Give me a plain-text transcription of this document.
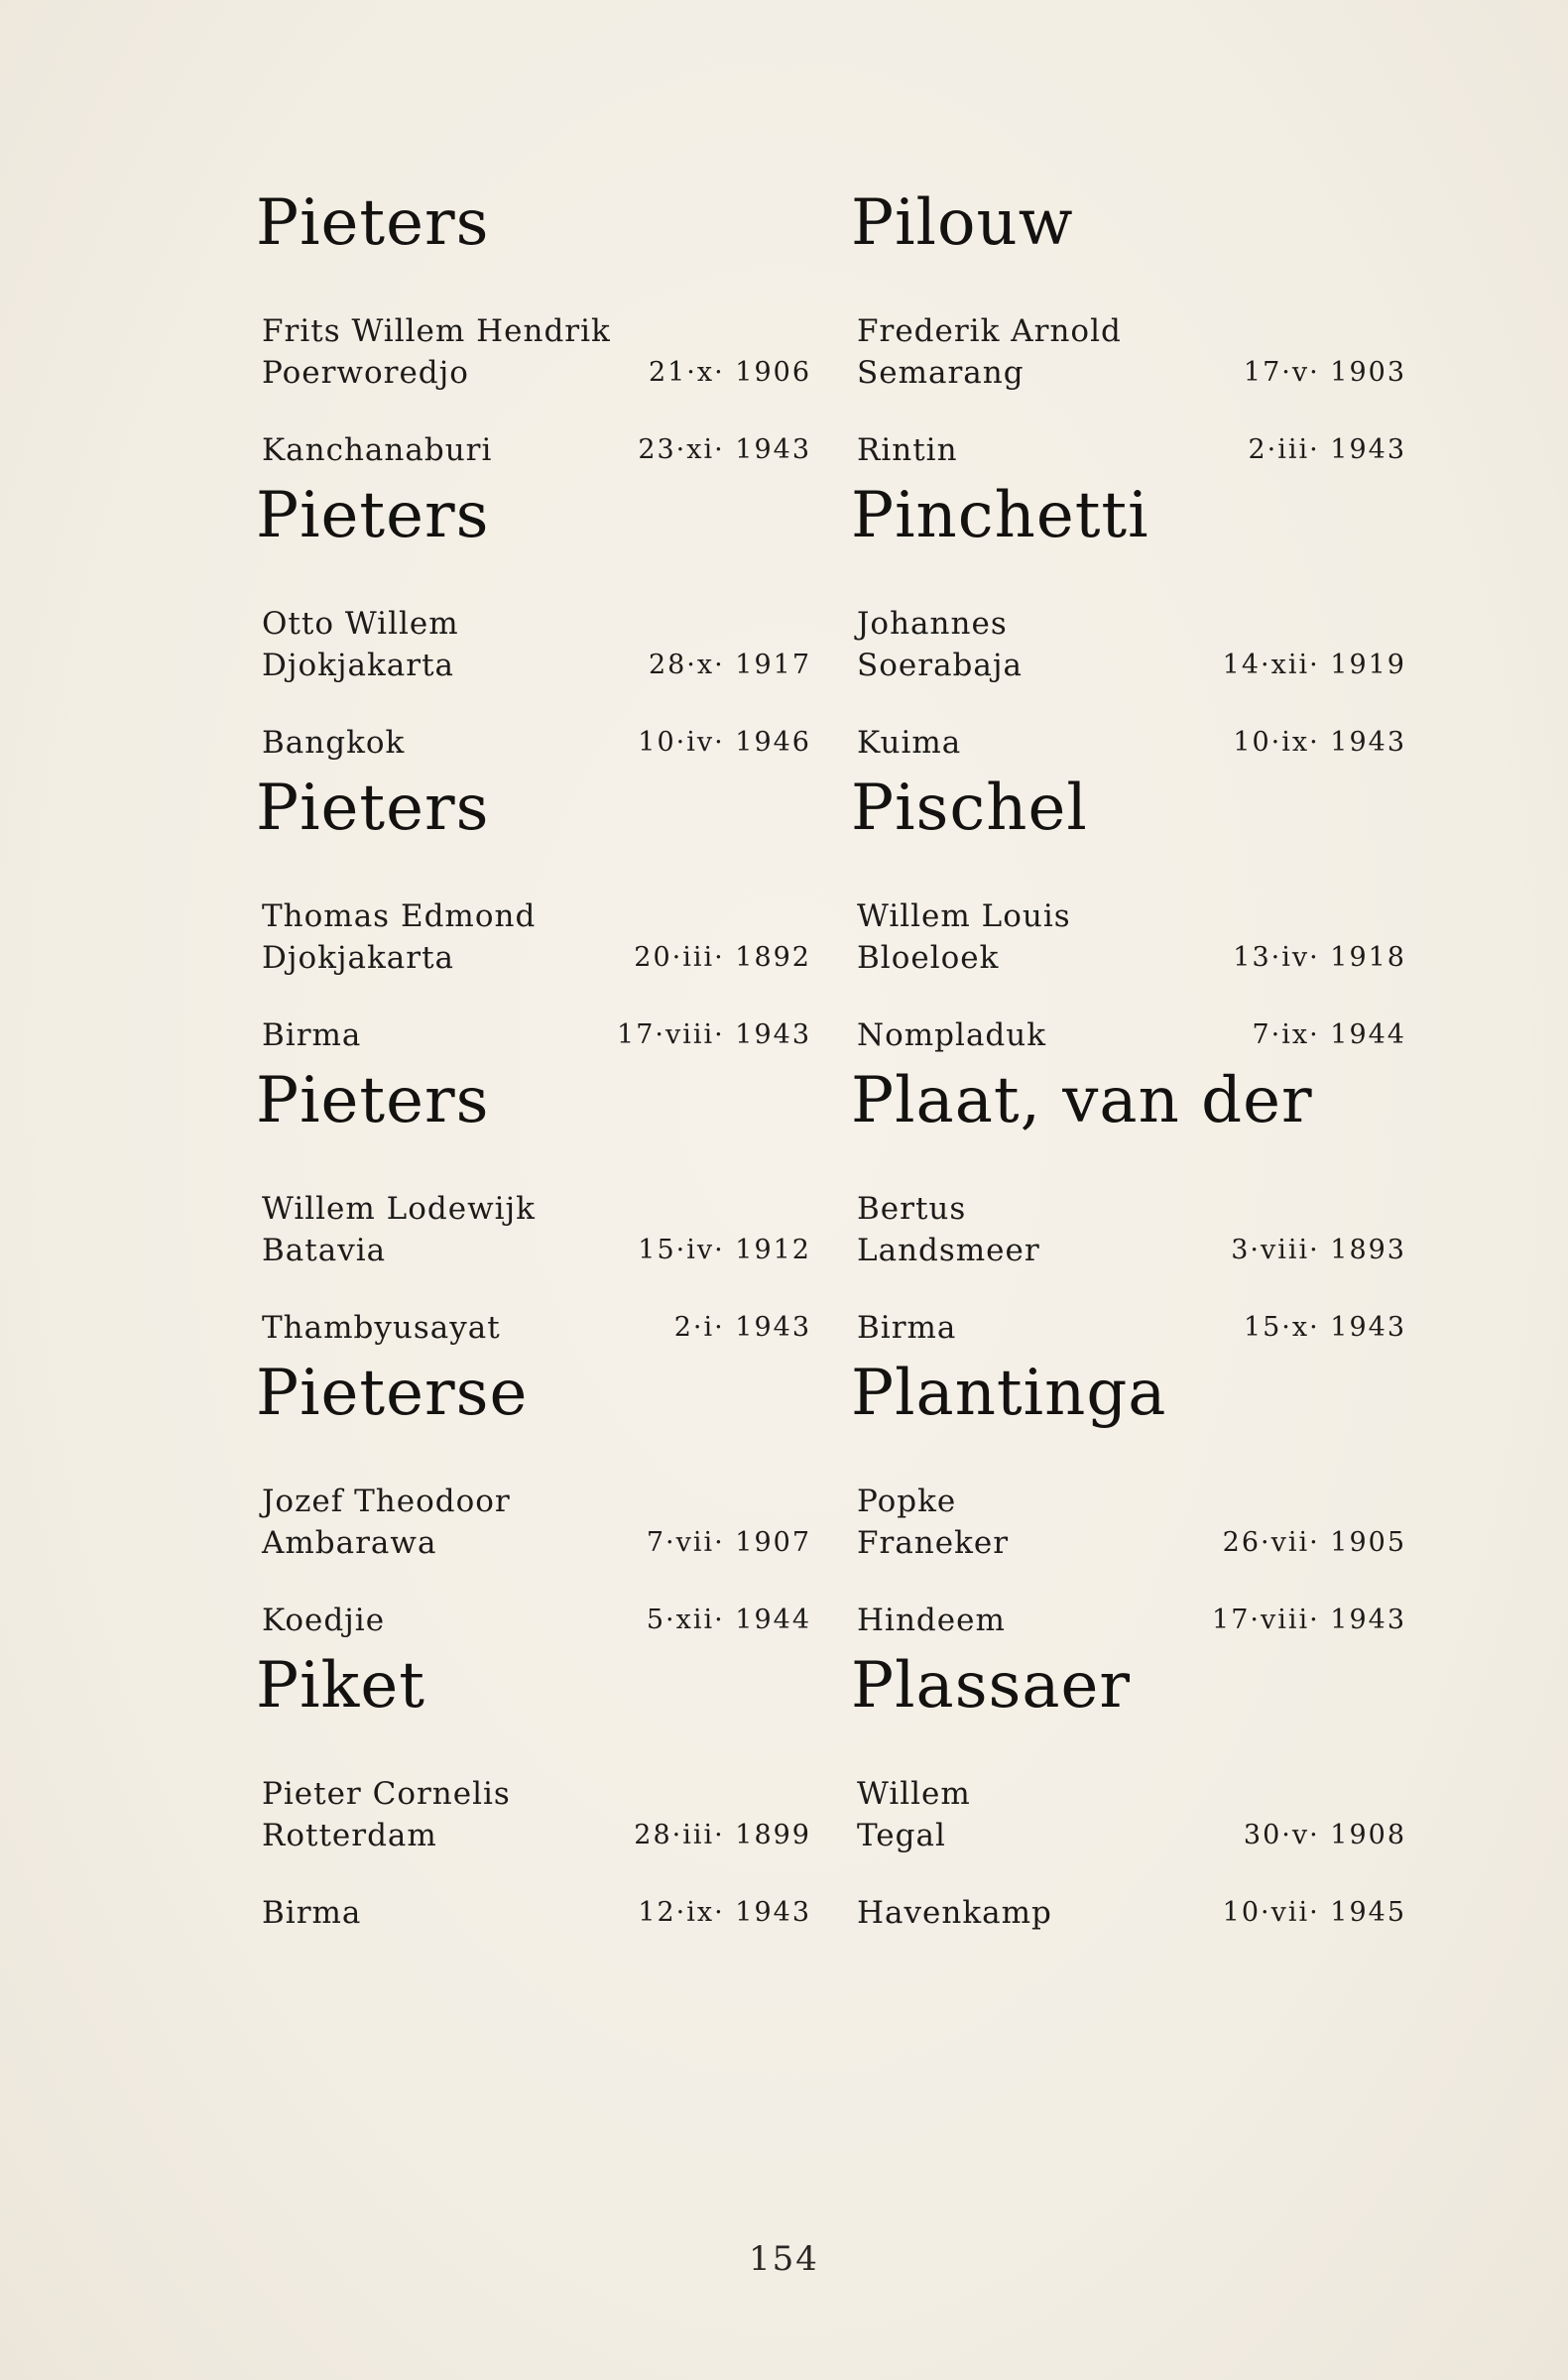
Pieters
Frits Willem Hendrik
Poerworedjo	21·x· 1906
Kanchanaburi	23·xi· 1943
Pieters
Otto Willem
Djokjakarta	28·x· 1917
Bangkok	10·iv· 1946
Pieters
Thomas Edmond
Djokjakarta	20·iii· 1892
Birma	17·viii· 1943
Pieters
Willem Lodewijk
Batavia	15·iv· 1912
Thambyusayat	2·i· 1943
Pieterse
Jozef Theodoor
Ambarawa	7·vii· 1907
Koedjie	5·xii· 1944
Piket
Pieter Cornelis
Rotterdam	28·iii· 1899
Birma	12·ix· 1943
Pilouw
Frederik Arnold
Semarang	17·v· 1903
Rintin	2·iii· 1943
Pinchetti
Johannes
Soerabaja	14·xii· 1919
Kuima	10·ix· 1943
Pischel
Willem Louis
Bloeloek	13·iv· 1918
Nompladuk	7·ix· 1944
Plaat, van der
Bertus
Landsmeer	3·viii· 1893
Birma	15·x· 1943
Plantinga
Popke
Franeker	26·vii· 1905
Hindeem	17·viii· 1943
Plassaer
Willem
Tegal	30·v· 1908
Havenkamp	10·vii· 1945
154
